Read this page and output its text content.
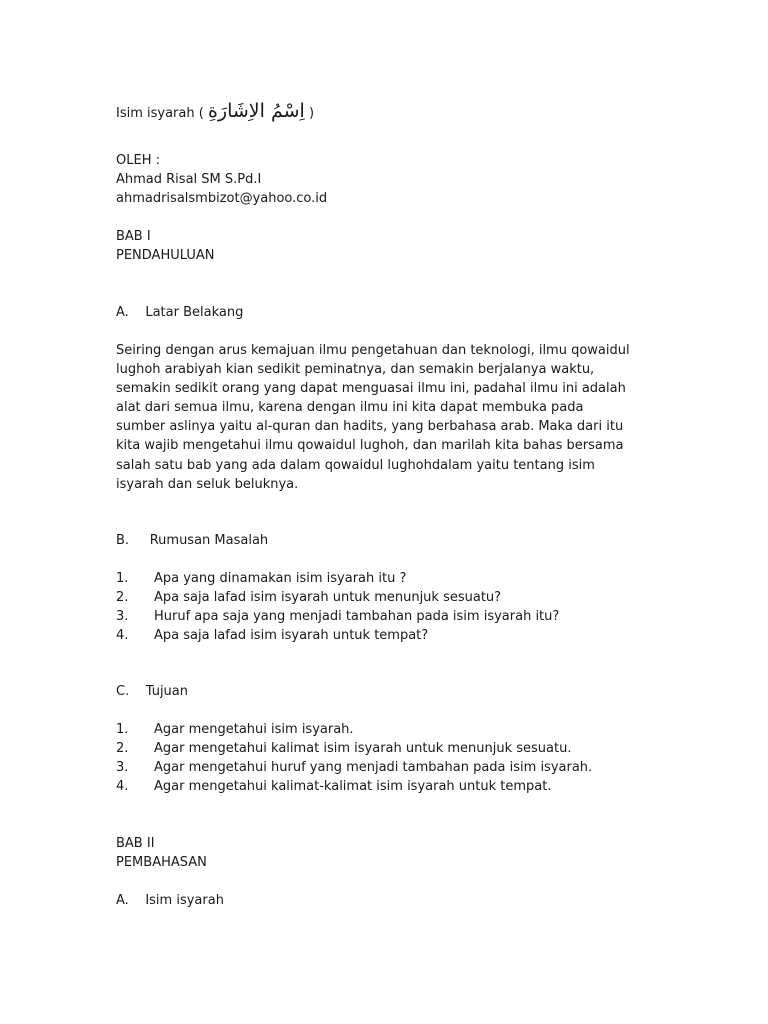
Isim isyarah ( اِسْمُ الاِشَارَةِ )
OLEH :
Ahmad Risal SM S.Pd.I
ahmadrisalsmbizot@yahoo.co.id
BAB I
PENDAHULUAN
A.    Latar Belakang
Seiring dengan arus kemajuan ilmu pengetahuan dan teknologi, ilmu qowaidul
lughoh arabiyah kian sedikit peminatnya, dan semakin berjalanya waktu,
semakin sedikit orang yang dapat menguasai ilmu ini, padahal ilmu ini adalah
alat dari semua ilmu, karena dengan ilmu ini kita dapat membuka pada
sumber aslinya yaitu al-quran dan hadits, yang berbahasa arab. Maka dari itu
kita wajib mengetahui ilmu qowaidul lughoh, dan marilah kita bahas bersama
salah satu bab yang ada dalam qowaidul lughohdalam yaitu tentang isim
isyarah dan seluk beluknya.
B.     Rumusan Masalah
1. Apa yang dinamakan isim isyarah itu ?
2. Apa saja lafad isim isyarah untuk menunjuk sesuatu?
3. Huruf apa saja yang menjadi tambahan pada isim isyarah itu?
4. Apa saja lafad isim isyarah untuk tempat?
C.    Tujuan
1. Agar mengetahui isim isyarah.
2. Agar mengetahui kalimat isim isyarah untuk menunjuk sesuatu.
3. Agar mengetahui huruf yang menjadi tambahan pada isim isyarah.
4. Agar mengetahui kalimat-kalimat isim isyarah untuk tempat.
BAB II
PEMBAHASAN
A.    Isim isyarah
